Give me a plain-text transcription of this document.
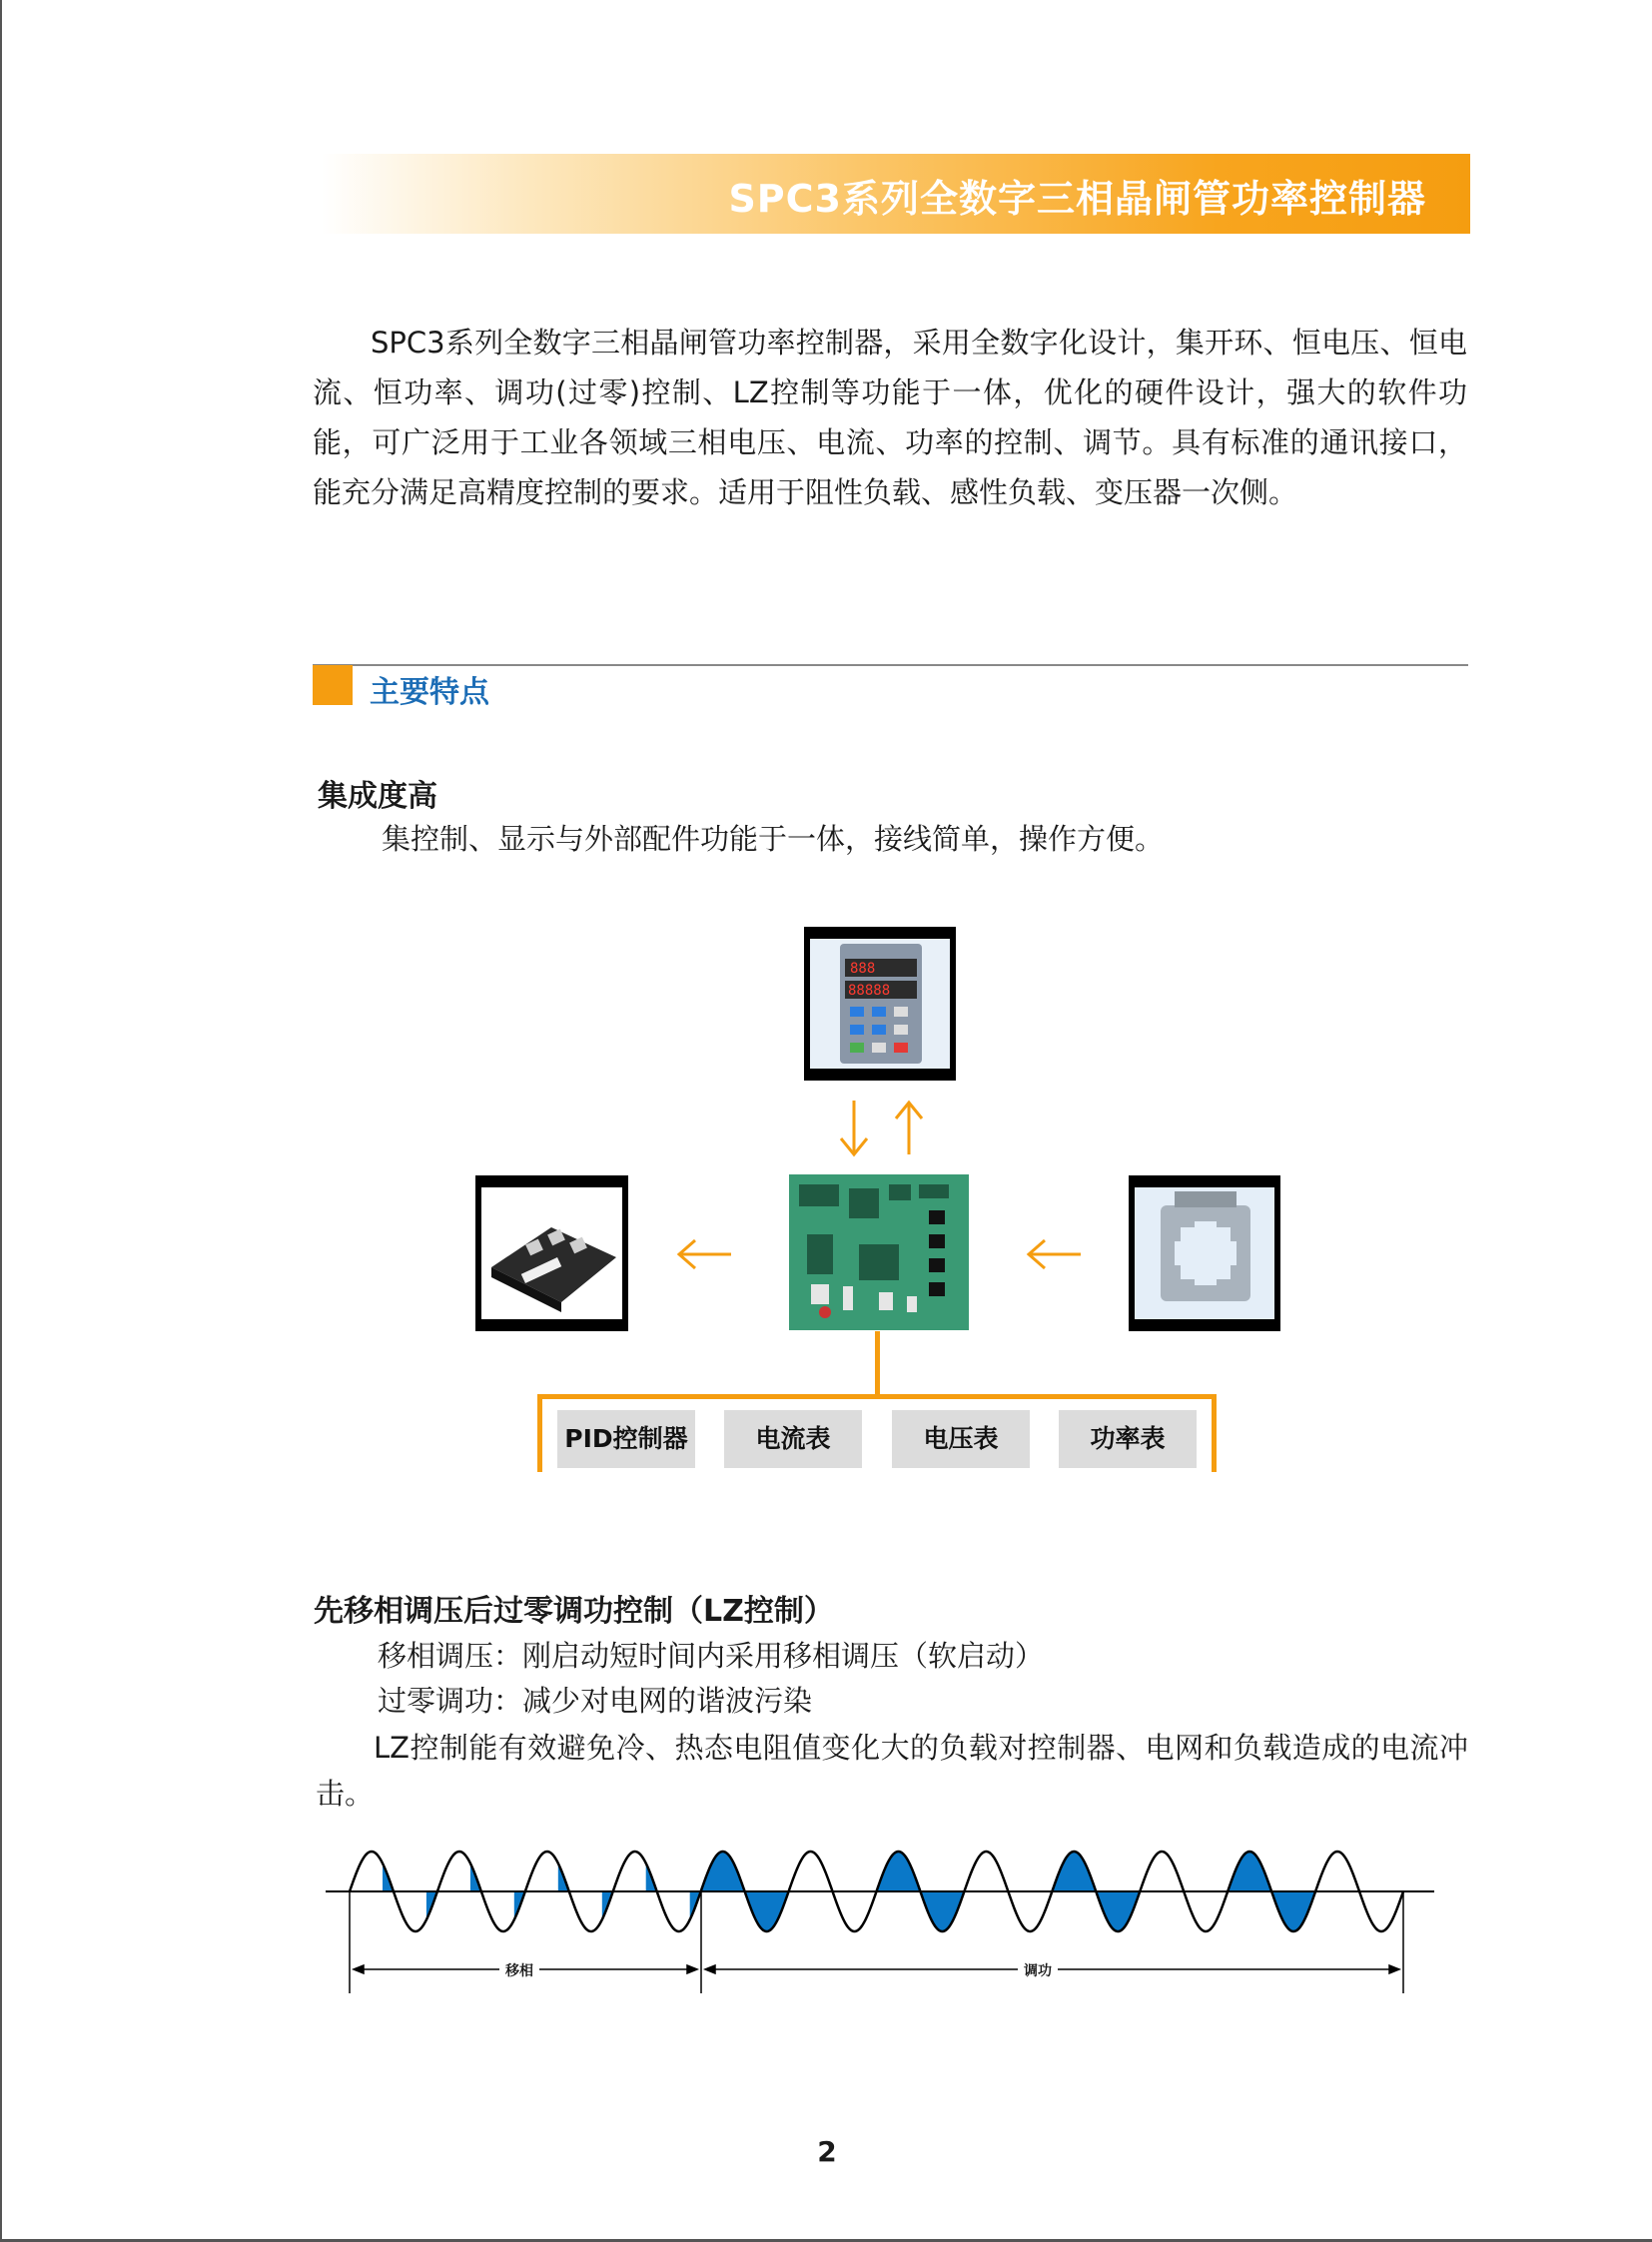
SPC3系列全数字三相晶闸管功率控制器
SPC3系列全数字三相晶闸管功率控制器，采用全数字化设计，集开环、恒电压、恒电流、恒功率、调功(过零)控制、LZ控制等功能于一体，优化的硬件设计，强大的软件功能，可广泛用于工业各领域三相电压、电流、功率的控制、调节。具有标准的通讯接口，能充分满足高精度控制的要求。适用于阻性负载、感性负载、变压器一次侧。
主要特点
集成度高
集控制、显示与外部配件功能于一体，接线简单，操作方便。
888
88888
PID控制器	电流表	电压表	功率表
先移相调压后过零调功控制（LZ控制）
移相调压：刚启动短时间内采用移相调压（软启动）
过零调功：减少对电网的谐波污染
LZ控制能有效避免冷、热态电阻值变化大的负载对控制器、电网和负载造成的电流冲击。
移相	调功
2
